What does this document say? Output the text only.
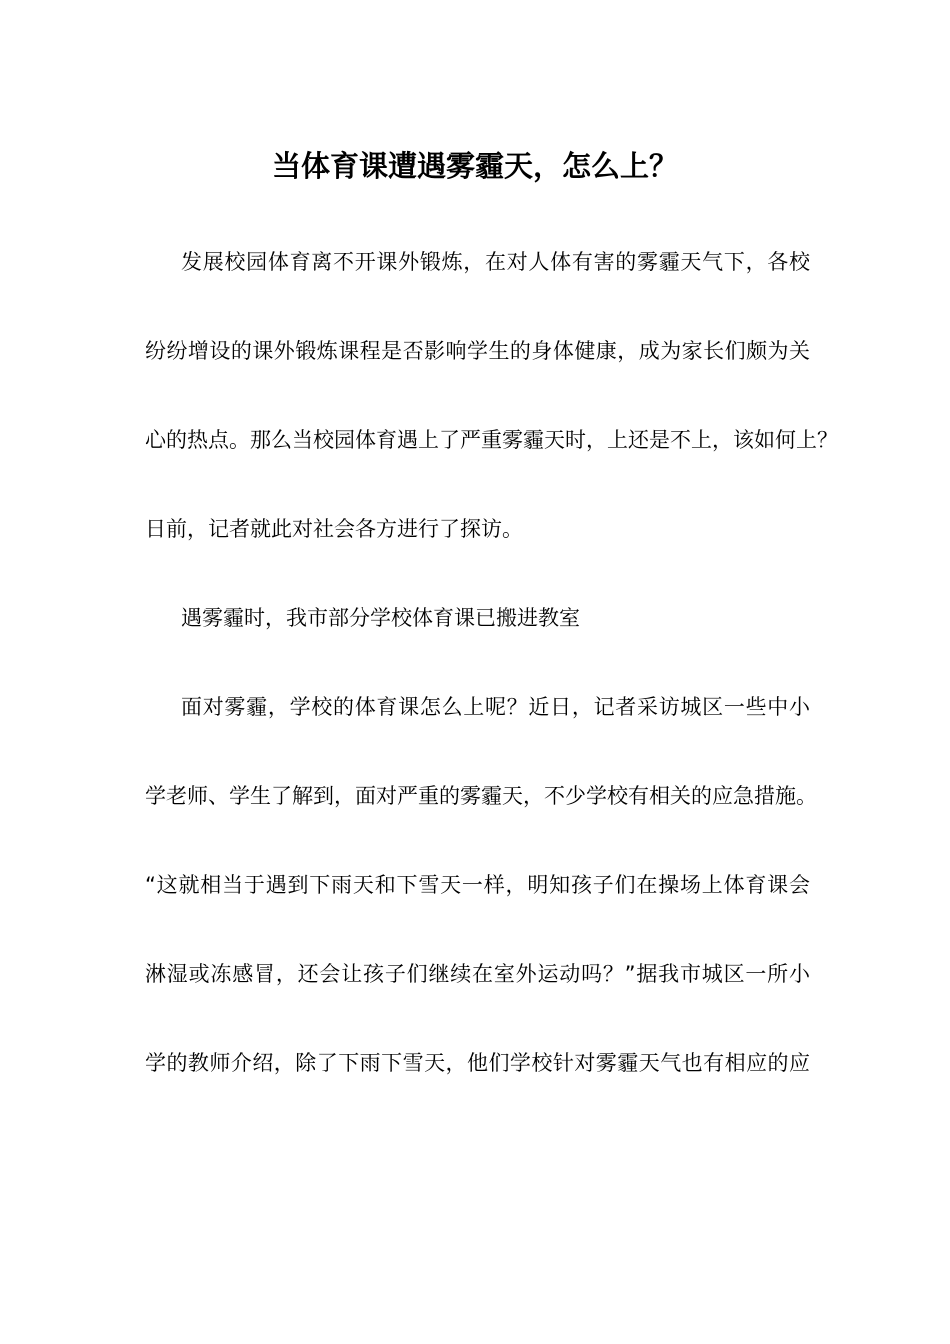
当体育课遭遇雾霾天，怎么上？
发展校园体育离不开课外锻炼，在对人体有害的雾霾天气下，各校
纷纷增设的课外锻炼课程是否影响学生的身体健康，成为家长们颇为关
心的热点。那么当校园体育遇上了严重雾霾天时，上还是不上，该如何上？
日前，记者就此对社会各方进行了探访。
遇雾霾时，我市部分学校体育课已搬进教室
面对雾霾，学校的体育课怎么上呢？近日，记者采访城区一些中小
学老师、学生了解到，面对严重的雾霾天，不少学校有相关的应急措施。
“这就相当于遇到下雨天和下雪天一样，明知孩子们在操场上体育课会
淋湿或冻感冒，还会让孩子们继续在室外运动吗？”据我市城区一所小
学的教师介绍，除了下雨下雪天，他们学校针对雾霾天气也有相应的应
